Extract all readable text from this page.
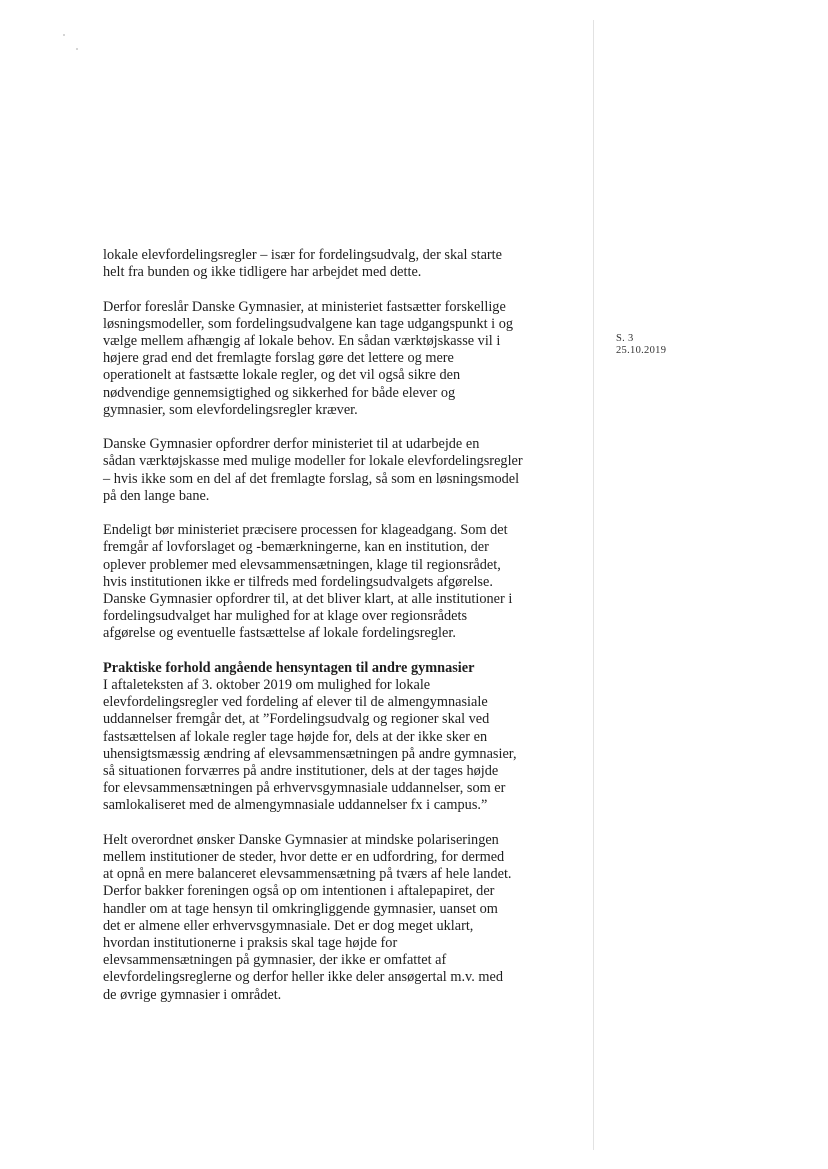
S. 3
25.10.2019
lokale elevfordelingsregler – især for fordelingsudvalg, der skal starte
helt fra bunden og ikke tidligere har arbejdet med dette.
Derfor foreslår Danske Gymnasier, at ministeriet fastsætter forskellige
løsningsmodeller, som fordelingsudvalgene kan tage udgangspunkt i og
vælge mellem afhængig af lokale behov. En sådan værktøjskasse vil i
højere grad end det fremlagte forslag gøre det lettere og mere
operationelt at fastsætte lokale regler, og det vil også sikre den
nødvendige gennemsigtighed og sikkerhed for både elever og
gymnasier, som elevfordelingsregler kræver.
Danske Gymnasier opfordrer derfor ministeriet til at udarbejde en
sådan værktøjskasse med mulige modeller for lokale elevfordelingsregler
– hvis ikke som en del af det fremlagte forslag, så som en løsningsmodel
på den lange bane.
Endeligt bør ministeriet præcisere processen for klageadgang. Som det
fremgår af lovforslaget og -bemærkningerne, kan en institution, der
oplever problemer med elevsammensætningen, klage til regionsrådet,
hvis institutionen ikke er tilfreds med fordelingsudvalgets afgørelse.
Danske Gymnasier opfordrer til, at det bliver klart, at alle institutioner i
fordelingsudvalget har mulighed for at klage over regionsrådets
afgørelse og eventuelle fastsættelse af lokale fordelingsregler.
Praktiske forhold angående hensyntagen til andre gymnasier
I aftaleteksten af 3. oktober 2019 om mulighed for lokale
elevfordelingsregler ved fordeling af elever til de almengymnasiale
uddannelser fremgår det, at ”Fordelingsudvalg og regioner skal ved
fastsættelsen af lokale regler tage højde for, dels at der ikke sker en
uhensigtsmæssig ændring af elevsammensætningen på andre gymnasier,
så situationen forværres på andre institutioner, dels at der tages højde
for elevsammensætningen på erhvervsgymnasiale uddannelser, som er
samlokaliseret med de almengymnasiale uddannelser fx i campus.”
Helt overordnet ønsker Danske Gymnasier at mindske polariseringen
mellem institutioner de steder, hvor dette er en udfordring, for dermed
at opnå en mere balanceret elevsammensætning på tværs af hele landet.
Derfor bakker foreningen også op om intentionen i aftalepapiret, der
handler om at tage hensyn til omkringliggende gymnasier, uanset om
det er almene eller erhvervsgymnasiale. Det er dog meget uklart,
hvordan institutionerne i praksis skal tage højde for
elevsammensætningen på gymnasier, der ikke er omfattet af
elevfordelingsreglerne og derfor heller ikke deler ansøgertal m.v. med
de øvrige gymnasier i området.
